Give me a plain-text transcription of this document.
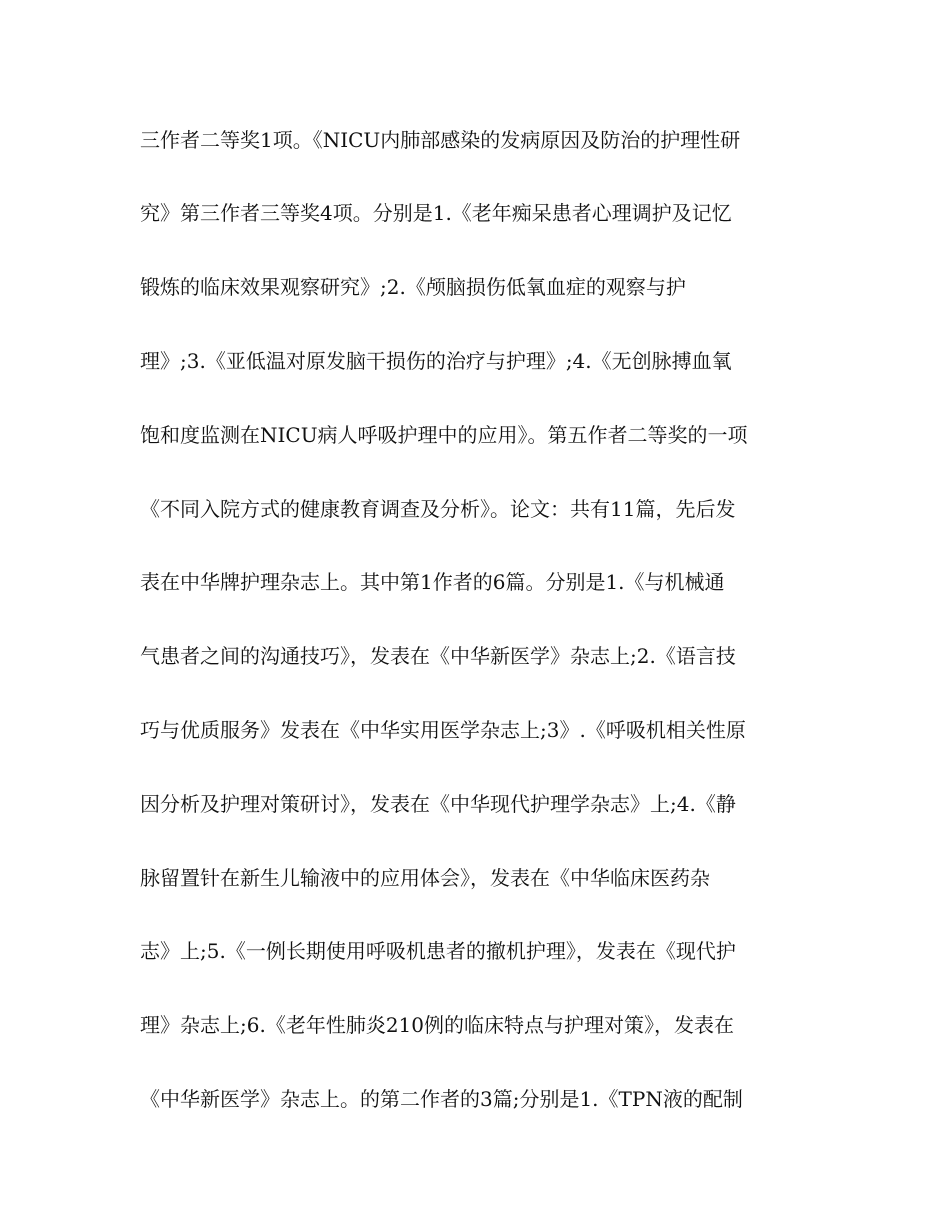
三作者二等奖1项。《NICU内肺部感染的发病原因及防治的护理性研

究》第三作者三等奖4项。分别是1.《老年痴呆患者心理调护及记忆

锻炼的临床效果观察研究》;2.《颅脑损伤低氧血症的观察与护

理》;3.《亚低温对原发脑干损伤的治疗与护理》;4.《无创脉搏血氧

饱和度监测在NICU病人呼吸护理中的应用》。第五作者二等奖的一项

《不同入院方式的健康教育调查及分析》。论文：共有11篇，先后发

表在中华牌护理杂志上。其中第1作者的6篇。分别是1.《与机械通

气患者之间的沟通技巧》，发表在《中华新医学》杂志上;2.《语言技

巧与优质服务》发表在《中华实用医学杂志上;3》.《呼吸机相关性原

因分析及护理对策研讨》，发表在《中华现代护理学杂志》上;4.《静

脉留置针在新生儿输液中的应用体会》，发表在《中华临床医药杂

志》上;5.《一例长期使用呼吸机患者的撤机护理》，发表在《现代护

理》杂志上;6.《老年性肺炎210例的临床特点与护理对策》，发表在

《中华新医学》杂志上。的第二作者的3篇;分别是1.《TPN液的配制
